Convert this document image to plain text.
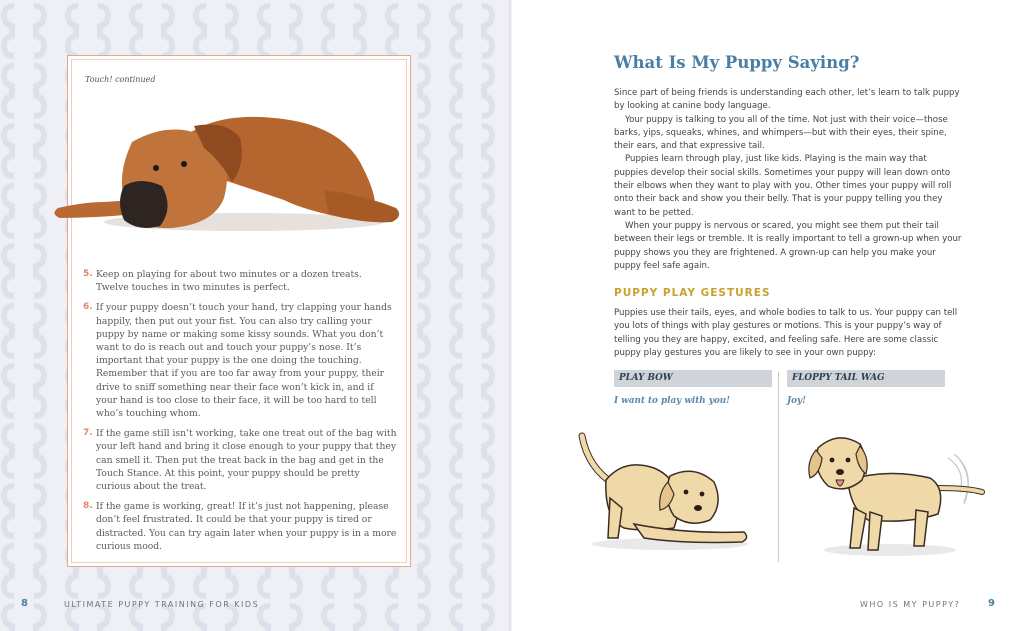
Touch! continued
5. Keep on playing for about two minutes or a dozen treats. Twelve touches in two minutes is perfect.
6. If your puppy doesn’t touch your hand, try clapping your hands happily, then put out your fist. You can also try calling your puppy by name or making some kissy sounds. What you don’t want to do is reach out and touch your puppy’s nose. It’s important that your puppy is the one doing the touching. Remember that if you are too far away from your puppy, their drive to sniff something near their face won’t kick in, and if your hand is too close to their face, it will be too hard to tell who’s touching whom.
7. If the game still isn’t working, take one treat out of the bag with your left hand and bring it close enough to your puppy that they can smell it. Then put the treat back in the bag and get in the Touch Stance. At this point, your puppy should be pretty curious about the treat.
8. If the game is working, great! If it’s just not happening, please don’t feel frustrated. It could be that your puppy is tired or distracted. You can try again later when your puppy is in a more curious mood.
8	ULTIMATE PUPPY TRAINING FOR KIDS
What Is My Puppy Saying?

Since part of being friends is understanding each other, let’s learn to talk puppy by looking at canine body language.

Your puppy is talking to you all of the time. Not just with their voice—those barks, yips, squeaks, whines, and whimpers—but with their eyes, their spine, their ears, and that expressive tail.

Puppies learn through play, just like kids. Playing is the main way that puppies develop their social skills. Sometimes your puppy will lean down onto their elbows when they want to play with you. Other times your puppy will roll onto their back and show you their belly. That is your puppy telling you they want to be petted.

When your puppy is nervous or scared, you might see them put their tail between their legs or tremble. It is really important to tell a grown-up when your puppy shows you they are frightened. A grown-up can help you make your puppy feel safe again.

PUPPY PLAY GESTURES

Puppies use their tails, eyes, and whole bodies to talk to us. Your puppy can tell you lots of things with play gestures or motions. This is your puppy’s way of telling you they are happy, excited, and feeling safe. Here are some classic puppy play gestures you are likely to see in your own puppy:

PLAY BOW
I want to play with you!
FLOPPY TAIL WAG
Joy!
WHO IS MY PUPPY?	9
